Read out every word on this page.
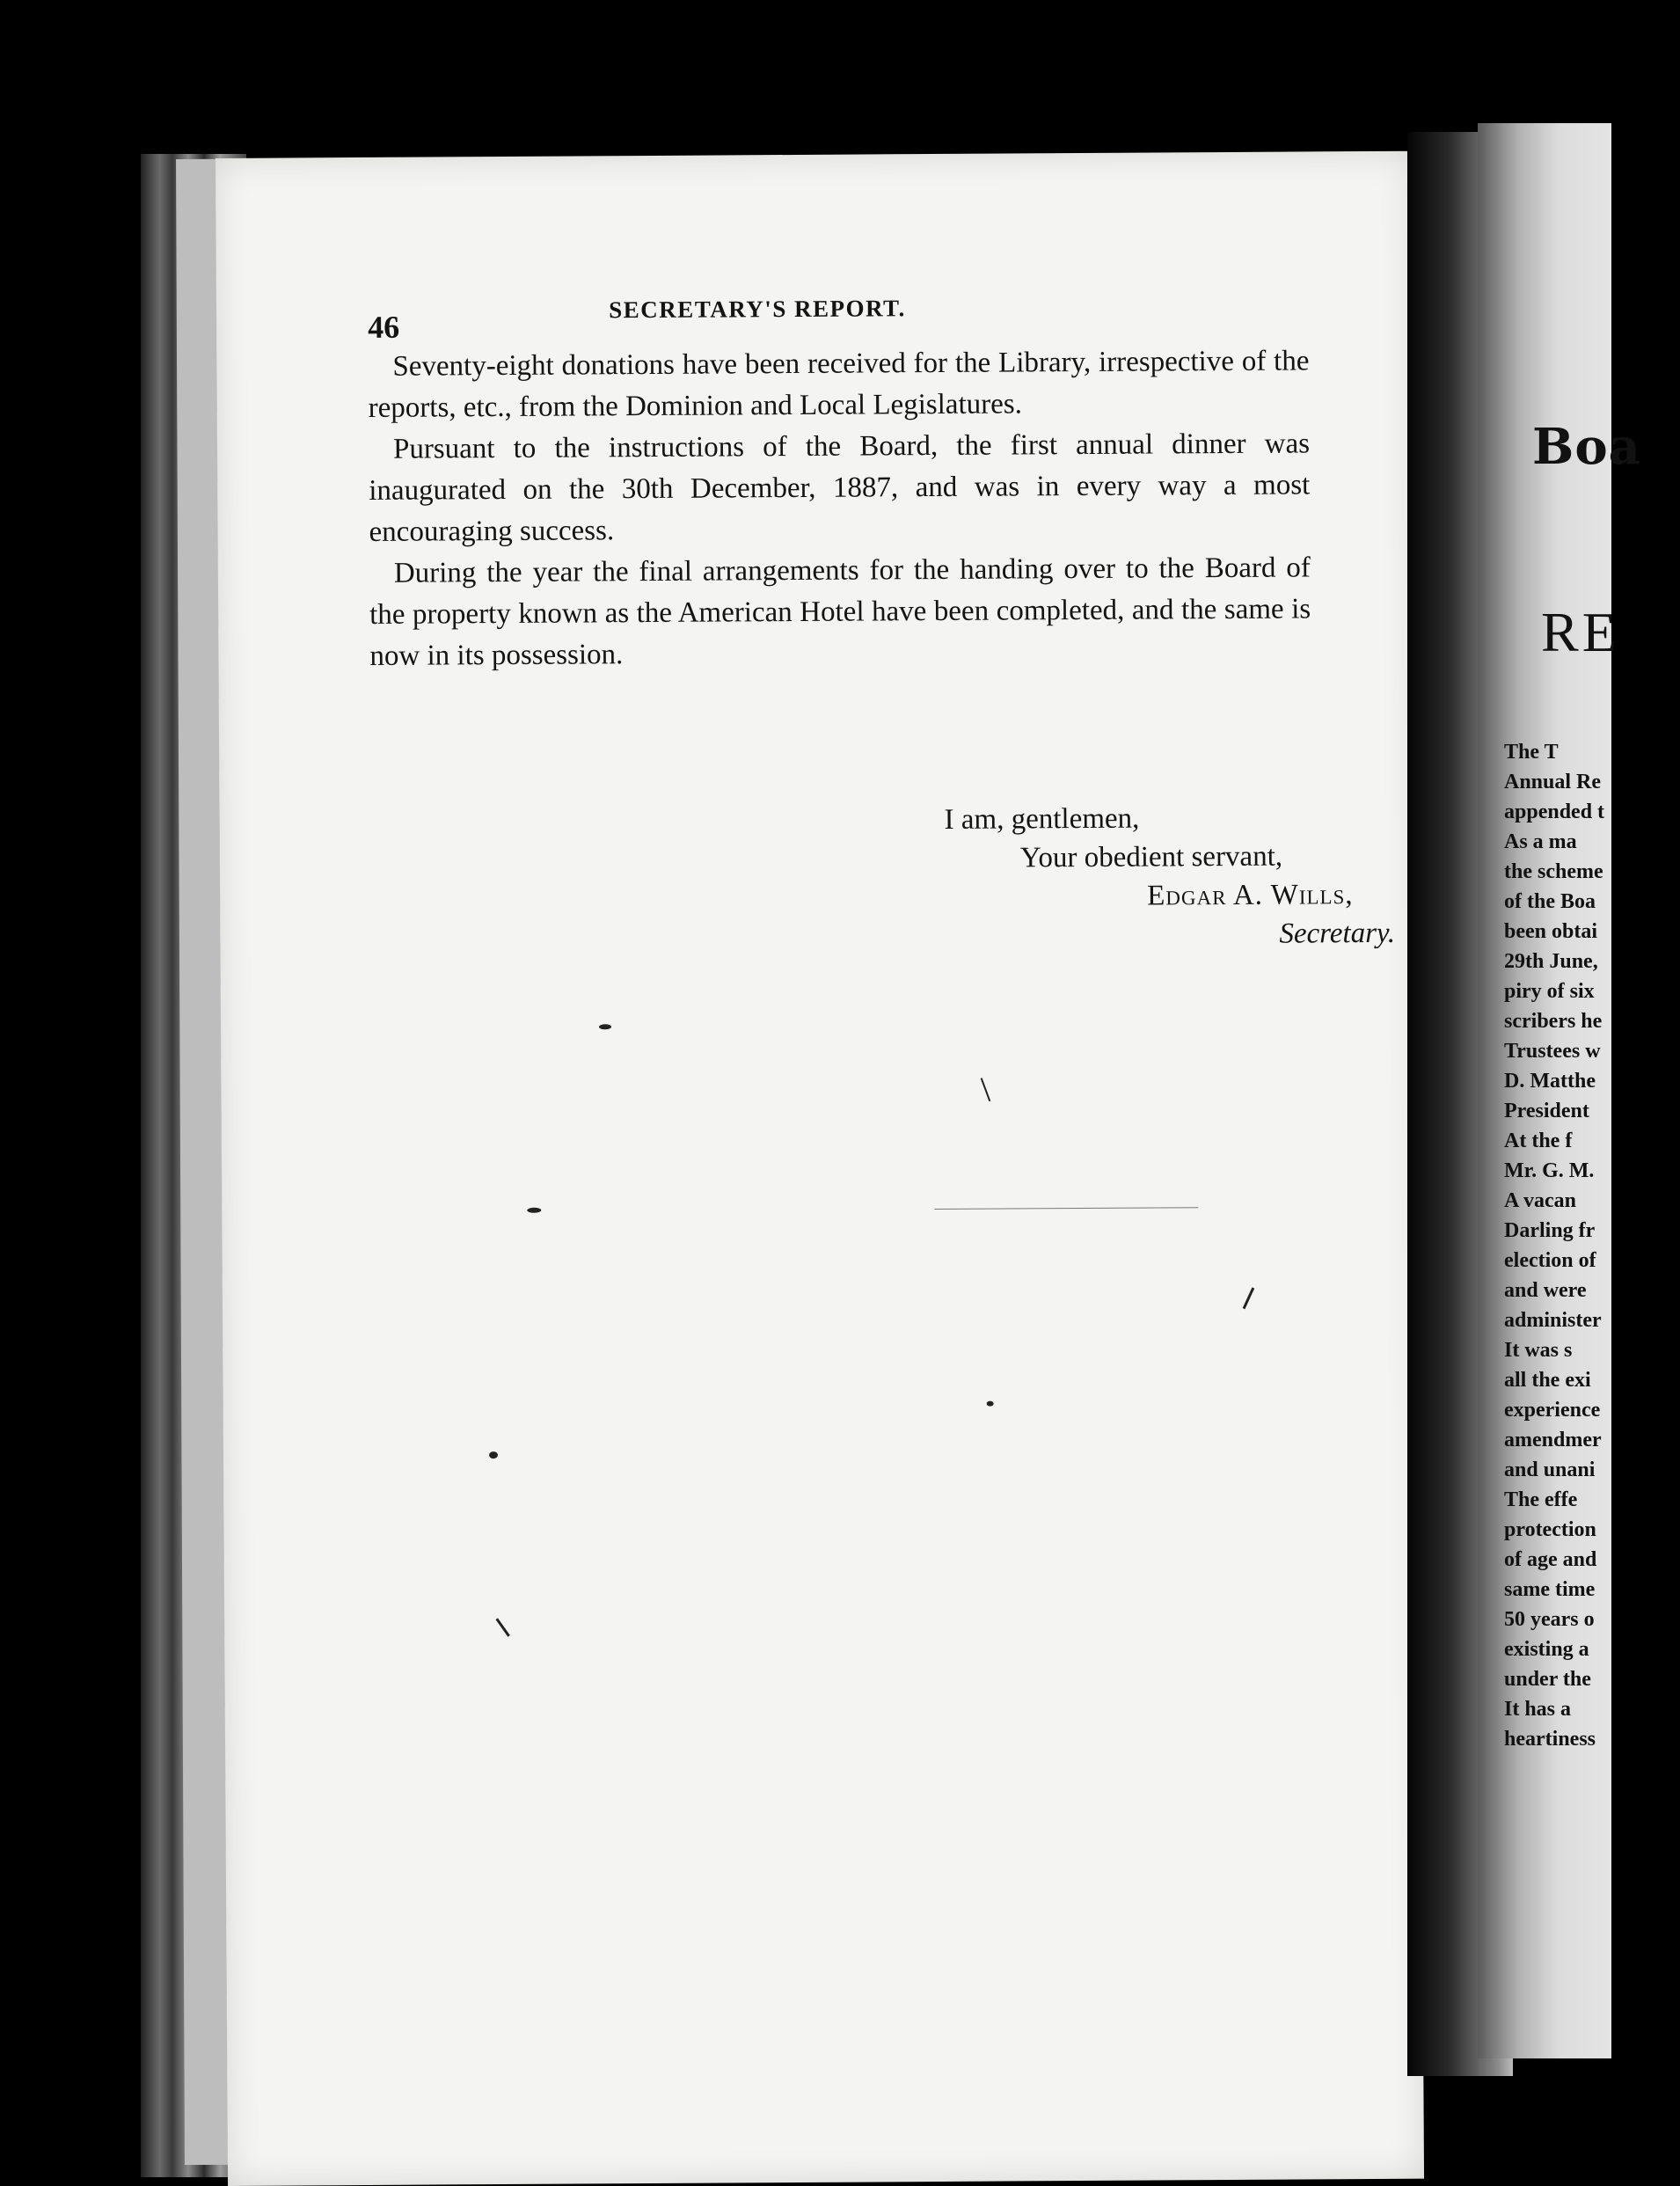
46
SECRETARY'S REPORT.

Seventy-eight donations have been received for the Library, irrespective of the reports, etc., from the Dominion and Local Legislatures.

Pursuant to the instructions of the Board, the first annual dinner was inaugurated on the 30th December, 1887, and was in every way a most encouraging success.

During the year the final arrangements for the handing over to the Board of the property known as the American Hotel have been completed, and the same is now in its possession.

I am, gentlemen,
Your obedient servant,
Edgar A. Wills,
Secretary.
Boa
RE
The T
Annual Re
appended t
As a ma
the scheme
of the Boa
been obtai
29th June,
piry of six
scribers he
Trustees w
D. Matthe
President
At the f
Mr. G. M.
A vacan
Darling fr
election of
and were
administer
It was s
all the exi
experience
amendmer
and unani
The effe
protection
of age and
same time
50 years o
existing a
under the
It has a
heartiness
